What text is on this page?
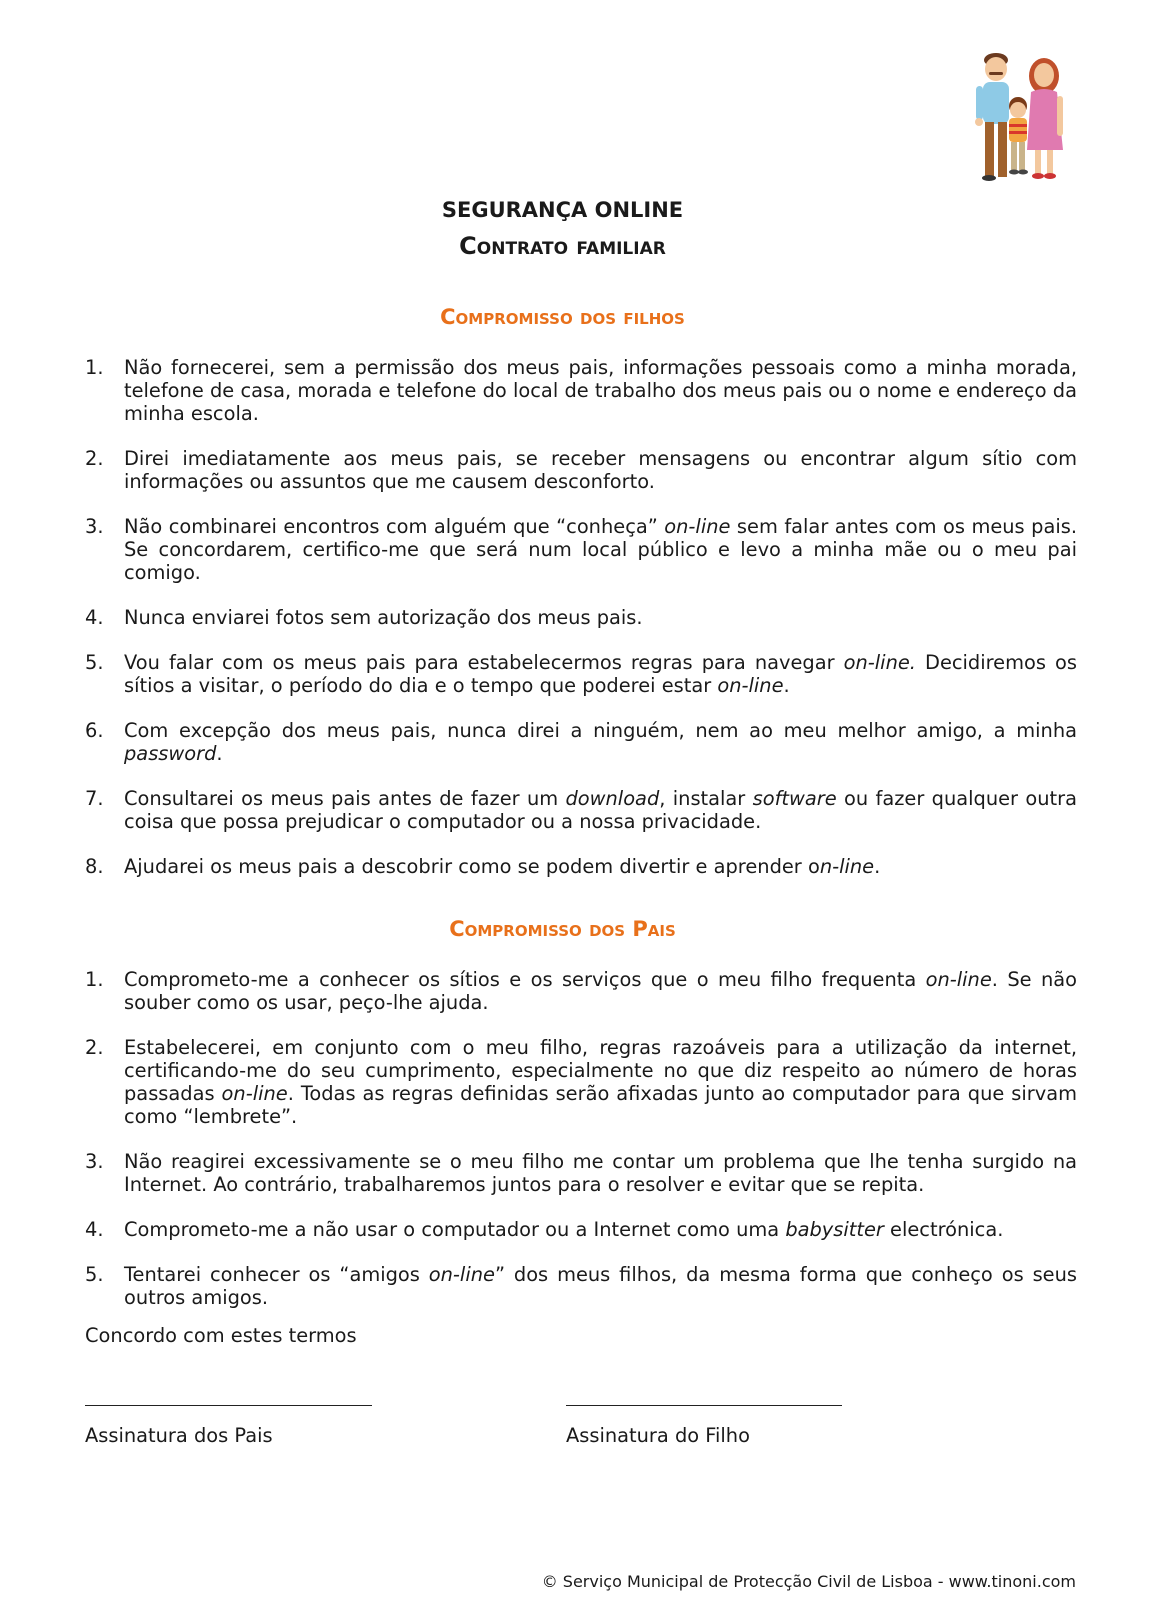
SEGURANÇA ONLINE
Contrato familiar
Compromisso dos filhos
1. Não fornecerei, sem a permissão dos meus pais, informações pessoais como a minha morada, telefone de casa, morada e telefone do local de trabalho dos meus pais ou o nome e endereço da minha escola.
2. Direi imediatamente aos meus pais, se receber mensagens ou encontrar algum sítio com informações ou assuntos que me causem desconforto.
3. Não combinarei encontros com alguém que “conheça” on-line sem falar antes com os meus pais. Se concordarem, certifico-me que será num local público e levo a minha mãe ou o meu pai comigo.
4. Nunca enviarei fotos sem autorização dos meus pais.
5. Vou falar com os meus pais para estabelecermos regras para navegar on-line. Decidiremos os sítios a visitar, o período do dia e o tempo que poderei estar on-line.
6. Com excepção dos meus pais, nunca direi a ninguém, nem ao meu melhor amigo, a minha password.
7. Consultarei os meus pais antes de fazer um download, instalar software ou fazer qualquer outra coisa que possa prejudicar o computador ou a nossa privacidade.
8. Ajudarei os meus pais a descobrir como se podem divertir e aprender on-line.
Compromisso dos Pais
1. Comprometo-me a conhecer os sítios e os serviços que o meu filho frequenta on-line. Se não souber como os usar, peço-lhe ajuda.
2. Estabelecerei, em conjunto com o meu filho, regras razoáveis para a utilização da internet, certificando-me do seu cumprimento, especialmente no que diz respeito ao número de horas passadas on-line. Todas as regras definidas serão afixadas junto ao computador para que sirvam como “lembrete”.
3. Não reagirei excessivamente se o meu filho me contar um problema que lhe tenha surgido na Internet. Ao contrário, trabalharemos juntos para o resolver e evitar que se repita.
4. Comprometo-me a não usar o computador ou a Internet como uma babysitter electrónica.
5. Tentarei conhecer os “amigos on-line” dos meus filhos, da mesma forma que conheço os seus outros amigos.
Concordo com estes termos
Assinatura dos Pais	Assinatura do Filho
© Serviço Municipal de Protecção Civil de Lisboa - www.tinoni.com
